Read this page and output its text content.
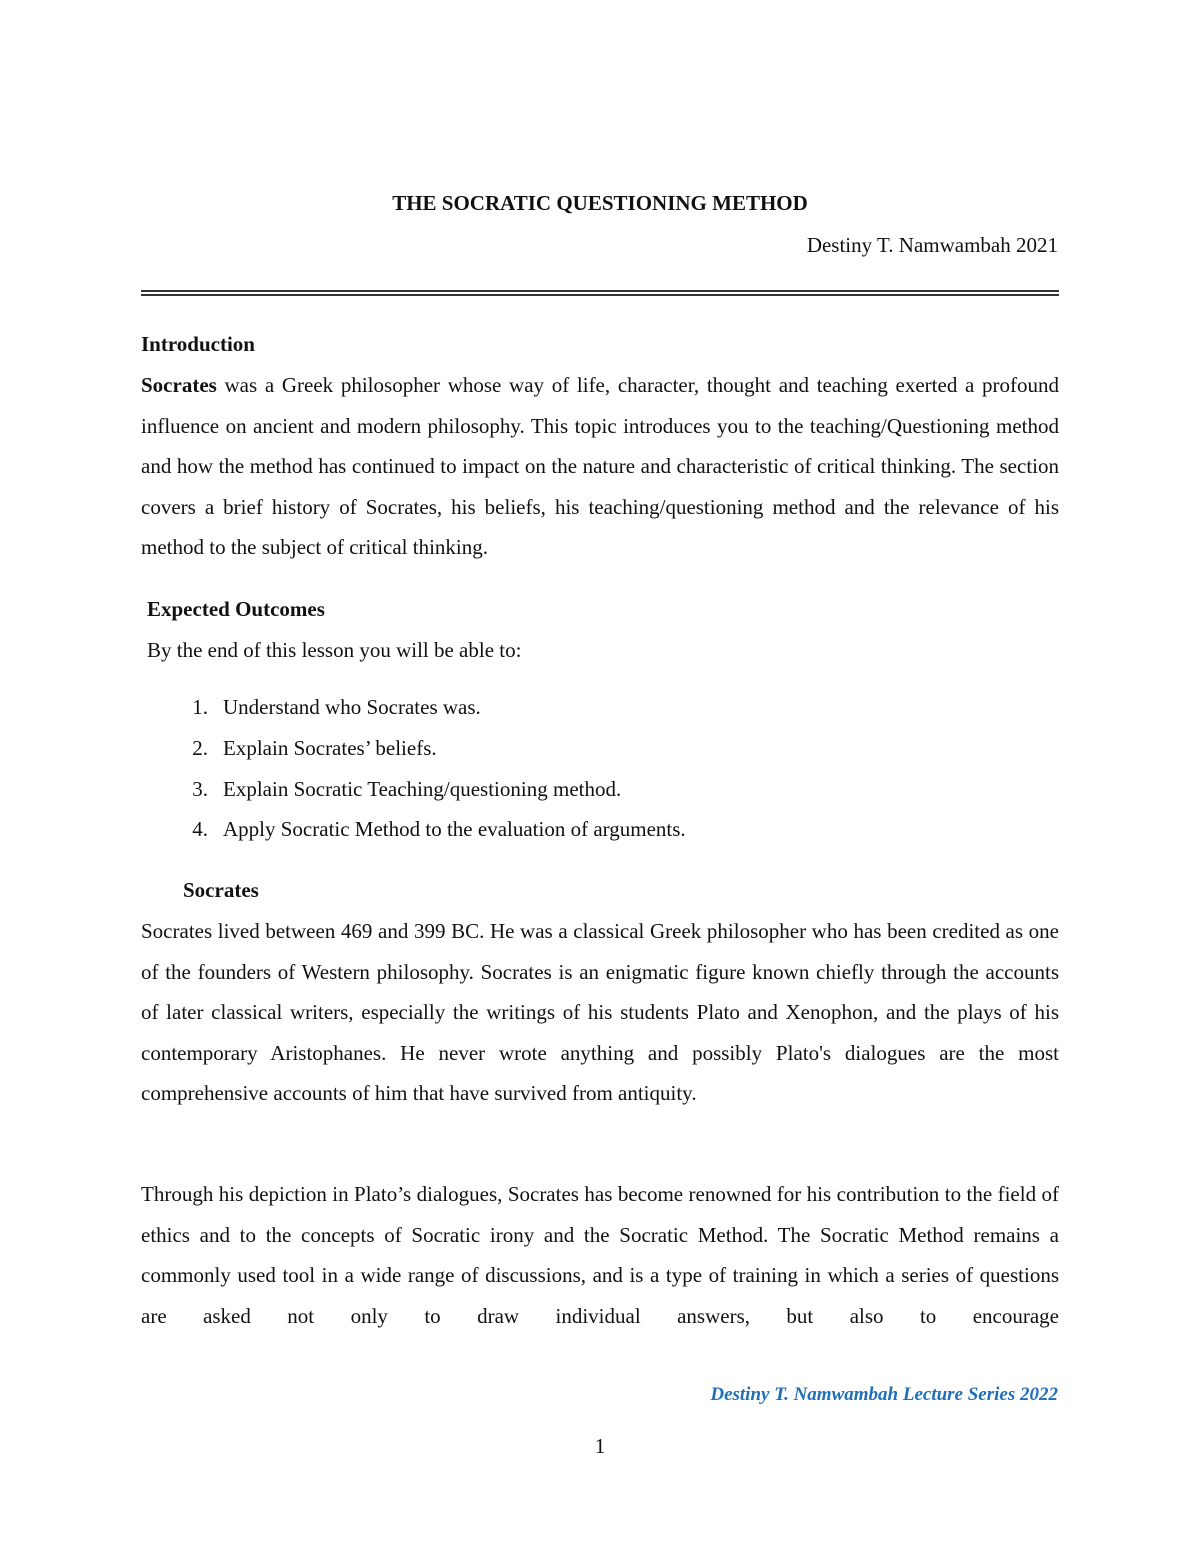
THE SOCRATIC QUESTIONING METHOD
Destiny T. Namwambah 2021
Introduction
Socrates was a Greek philosopher whose way of life, character, thought and teaching exerted a profound influence on ancient and modern philosophy. This topic introduces you to the teaching/Questioning method and how the method has continued to impact on the nature and characteristic of critical thinking. The section covers a brief history of Socrates, his beliefs, his teaching/questioning method and the relevance of his method to the subject of critical thinking.
Expected Outcomes
By the end of this lesson you will be able to:
1. Understand who Socrates was.
2. Explain Socrates’ beliefs.
3. Explain Socratic Teaching/questioning method.
4. Apply Socratic Method to the evaluation of arguments.
Socrates
Socrates lived between 469 and 399 BC. He was a classical Greek philosopher who has been credited as one of the founders of Western philosophy. Socrates is an enigmatic figure known chiefly through the accounts of later classical writers, especially the writings of his students Plato and Xenophon, and the plays of his contemporary Aristophanes. He never wrote anything and possibly Plato's dialogues are the most comprehensive accounts of him that have survived from antiquity.
Through his depiction in Plato’s dialogues, Socrates has become renowned for his contribution to the field of ethics and to the concepts of Socratic irony and the Socratic Method. The Socratic Method remains a commonly used tool in a wide range of discussions, and is a type of training in which a series of questions are asked not only to draw individual answers, but also to encourage
Destiny T. Namwambah Lecture Series 2022
1
